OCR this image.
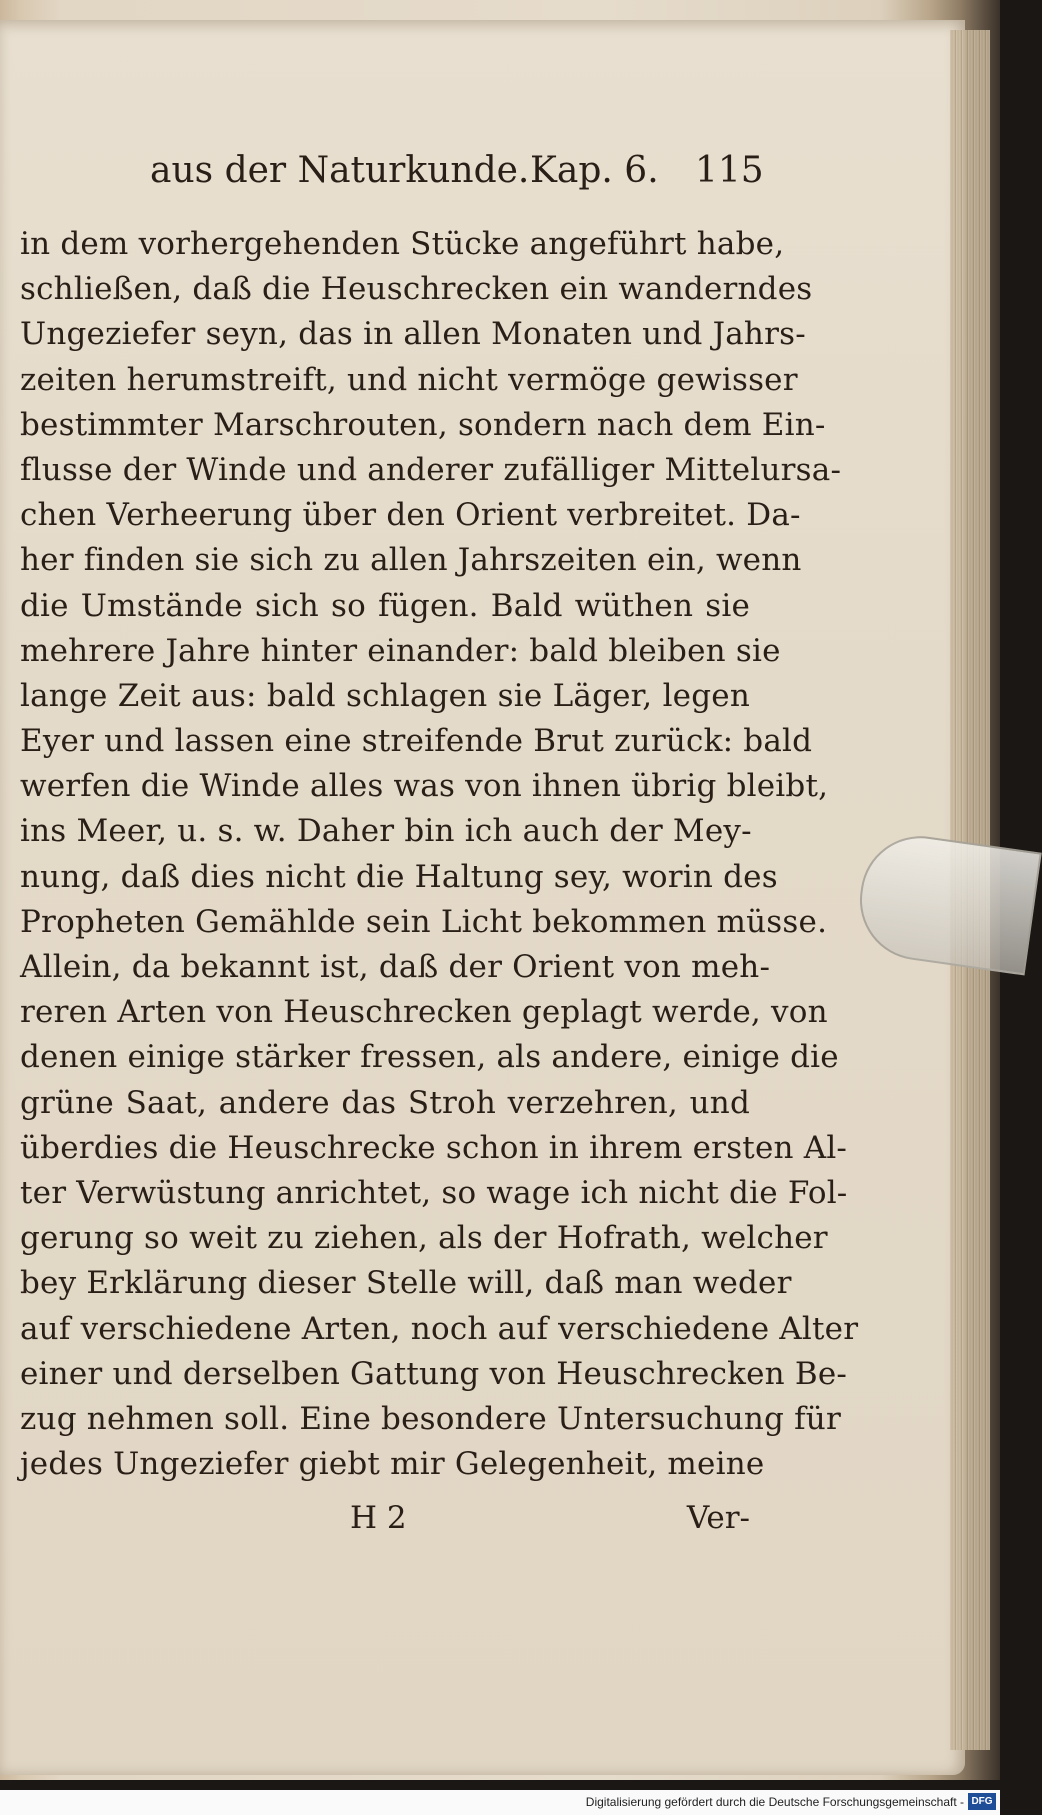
aus der Naturkunde. Kap. 6. 115
in dem vorhergehenden Stücke angeführt habe,
schließen, daß die Heuschrecken ein wanderndes
Ungeziefer seyn, das in allen Monaten und Jahrs-
zeiten herumstreift, und nicht vermöge gewisser
bestimmter Marschrouten, sondern nach dem Ein-
flusse der Winde und anderer zufälliger Mittelursa-
chen Verheerung über den Orient verbreitet. Da-
her finden sie sich zu allen Jahrszeiten ein, wenn
die Umstände sich so fügen. Bald wüthen sie
mehrere Jahre hinter einander: bald bleiben sie
lange Zeit aus: bald schlagen sie Läger, legen
Eyer und lassen eine streifende Brut zurück: bald
werfen die Winde alles was von ihnen übrig bleibt,
ins Meer, u. s. w. Daher bin ich auch der Mey-
nung, daß dies nicht die Haltung sey, worin des
Propheten Gemählde sein Licht bekommen müsse.
Allein, da bekannt ist, daß der Orient von meh-
reren Arten von Heuschrecken geplagt werde, von
denen einige stärker fressen, als andere, einige die
grüne Saat, andere das Stroh verzehren, und
überdies die Heuschrecke schon in ihrem ersten Al-
ter Verwüstung anrichtet, so wage ich nicht die Fol-
gerung so weit zu ziehen, als der Hofrath, welcher
bey Erklärung dieser Stelle will, daß man weder
auf verschiedene Arten, noch auf verschiedene Alter
einer und derselben Gattung von Heuschrecken Be-
zug nehmen soll. Eine besondere Untersuchung für
jedes Ungeziefer giebt mir Gelegenheit, meine
H 2	Ver-
Digitalisierung gefördert durch die Deutsche Forschungsgemeinschaft - DFG
